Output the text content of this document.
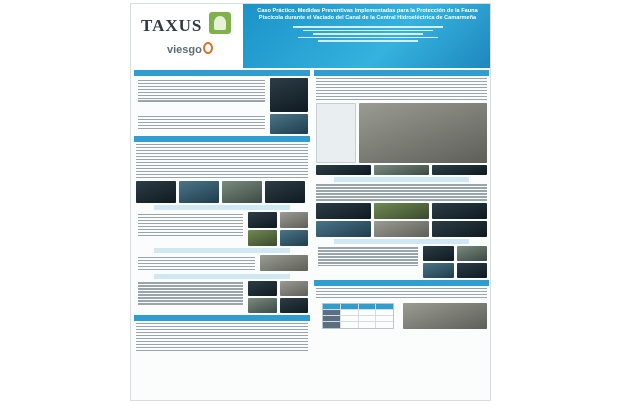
TAXUS
viesgo
Caso Práctico. Medidas Preventivas Implementadas para la Protección de la Fauna Piscícola durante el Vaciado del Canal de la Central Hidroeléctrica de Camarmeña
